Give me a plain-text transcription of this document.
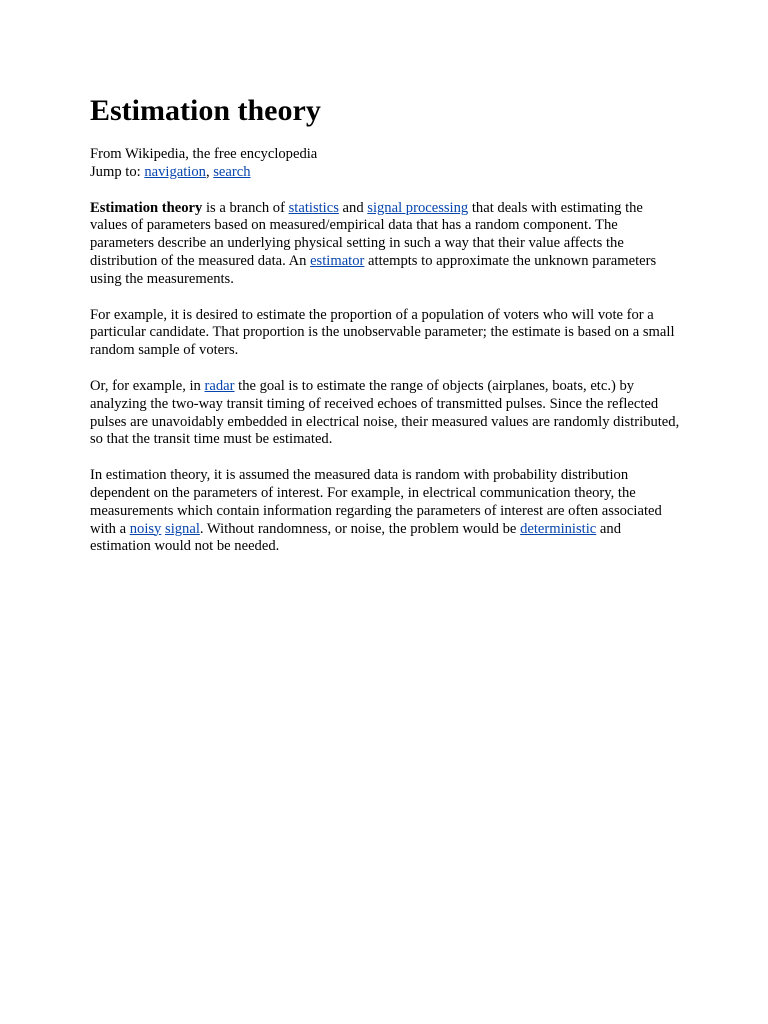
Estimation theory
From Wikipedia, the free encyclopedia
Jump to: navigation, search

Estimation theory is a branch of statistics and signal processing that deals with estimating the values of parameters based on measured/empirical data that has a random component. The parameters describe an underlying physical setting in such a way that their value affects the distribution of the measured data. An estimator attempts to approximate the unknown parameters using the measurements.

For example, it is desired to estimate the proportion of a population of voters who will vote for a particular candidate. That proportion is the unobservable parameter; the estimate is based on a small random sample of voters.

Or, for example, in radar the goal is to estimate the range of objects (airplanes, boats, etc.) by analyzing the two-way transit timing of received echoes of transmitted pulses. Since the reflected pulses are unavoidably embedded in electrical noise, their measured values are randomly distributed, so that the transit time must be estimated.

In estimation theory, it is assumed the measured data is random with probability distribution dependent on the parameters of interest. For example, in electrical communication theory, the measurements which contain information regarding the parameters of interest are often associated with a noisy signal. Without randomness, or noise, the problem would be deterministic and estimation would not be needed.
